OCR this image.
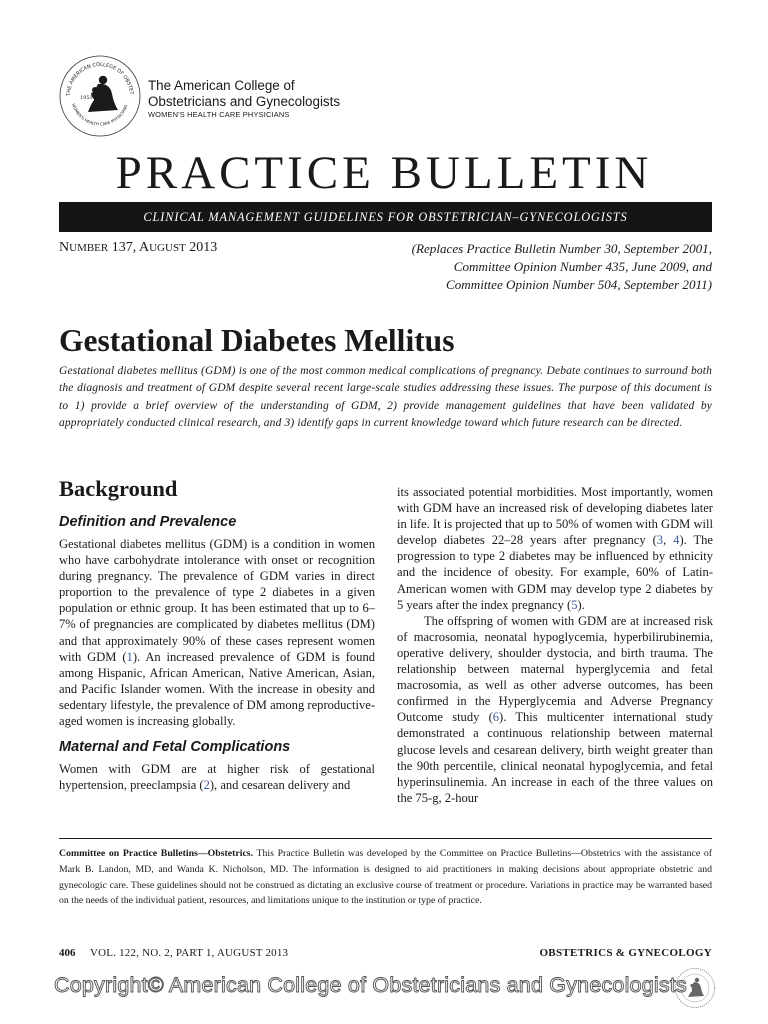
THE AMERICAN COLLEGE OF OBSTET
WOMEN'S HEALTH CARE PHYSICIANS
1951
The American College of
Obstetricians and Gynecologists
WOMEN'S HEALTH CARE PHYSICIANS
PRACTICE BULLETIN
CLINICAL MANAGEMENT GUIDELINES FOR OBSTETRICIAN–GYNECOLOGISTS
NUMBER 137, AUGUST 2013	(Replaces Practice Bulletin Number 30, September 2001,
Committee Opinion Number 435, June 2009, and
Committee Opinion Number 504, September 2011)
Gestational Diabetes Mellitus
Gestational diabetes mellitus (GDM) is one of the most common medical complications of pregnancy. Debate continues to surround both the diagnosis and treatment of GDM despite several recent large-scale studies addressing these issues. The purpose of this document is to 1) provide a brief overview of the understanding of GDM, 2) provide management guidelines that have been validated by appropriately conducted clinical research, and 3) identify gaps in current knowledge toward which future research can be directed.
Background
Definition and Prevalence

Gestational diabetes mellitus (GDM) is a condition in women who have carbohydrate intolerance with onset or recognition during pregnancy. The prevalence of GDM varies in direct proportion to the prevalence of type 2 diabetes in a given population or ethnic group. It has been estimated that up to 6–7% of pregnancies are complicated by diabetes mellitus (DM) and that approximately 90% of these cases represent women with GDM (1). An increased prevalence of GDM is found among Hispanic, African American, Native American, Asian, and Pacific Islander women. With the increase in obesity and sedentary lifestyle, the prevalence of DM among reproductive-aged women is increasing globally.

Maternal and Fetal Complications

Women with GDM are at higher risk of gestational hypertension, preeclampsia (2), and cesarean delivery and

its associated potential morbidities. Most importantly, women with GDM have an increased risk of developing diabetes later in life. It is projected that up to 50% of women with GDM will develop diabetes 22–28 years after pregnancy (3, 4). The progression to type 2 diabetes may be influenced by ethnicity and the incidence of obesity. For example, 60% of Latin-American women with GDM may develop type 2 diabetes by 5 years after the index pregnancy (5).

The offspring of women with GDM are at increased risk of macrosomia, neonatal hypoglycemia, hyperbilirubinemia, operative delivery, shoulder dystocia, and birth trauma. The relationship between maternal hyperglycemia and fetal macrosomia, as well as other adverse outcomes, has been confirmed in the Hyperglycemia and Adverse Pregnancy Outcome study (6). This multicenter international study demonstrated a continuous relationship between maternal glucose levels and cesarean delivery, birth weight greater than the 90th percentile, clinical neonatal hypoglycemia, and fetal hyperinsulinemia. An increase in each of the three values on the 75-g, 2-hour

Committee on Practice Bulletins—Obstetrics. This Practice Bulletin was developed by the Committee on Practice Bulletins—Obstetrics with the assistance of Mark B. Landon, MD, and Wanda K. Nicholson, MD. The information is designed to aid practitioners in making decisions about appropriate obstetric and gynecologic care. These guidelines should not be construed as dictating an exclusive course of treatment or procedure. Variations in practice may be warranted based on the needs of the individual patient, resources, and limitations unique to the institution or type of practice.
406 VOL. 122, NO. 2, PART 1, AUGUST 2013	OBSTETRICS & GYNECOLOGY
Copyright© American College of Obstetricians and Gynecologists
